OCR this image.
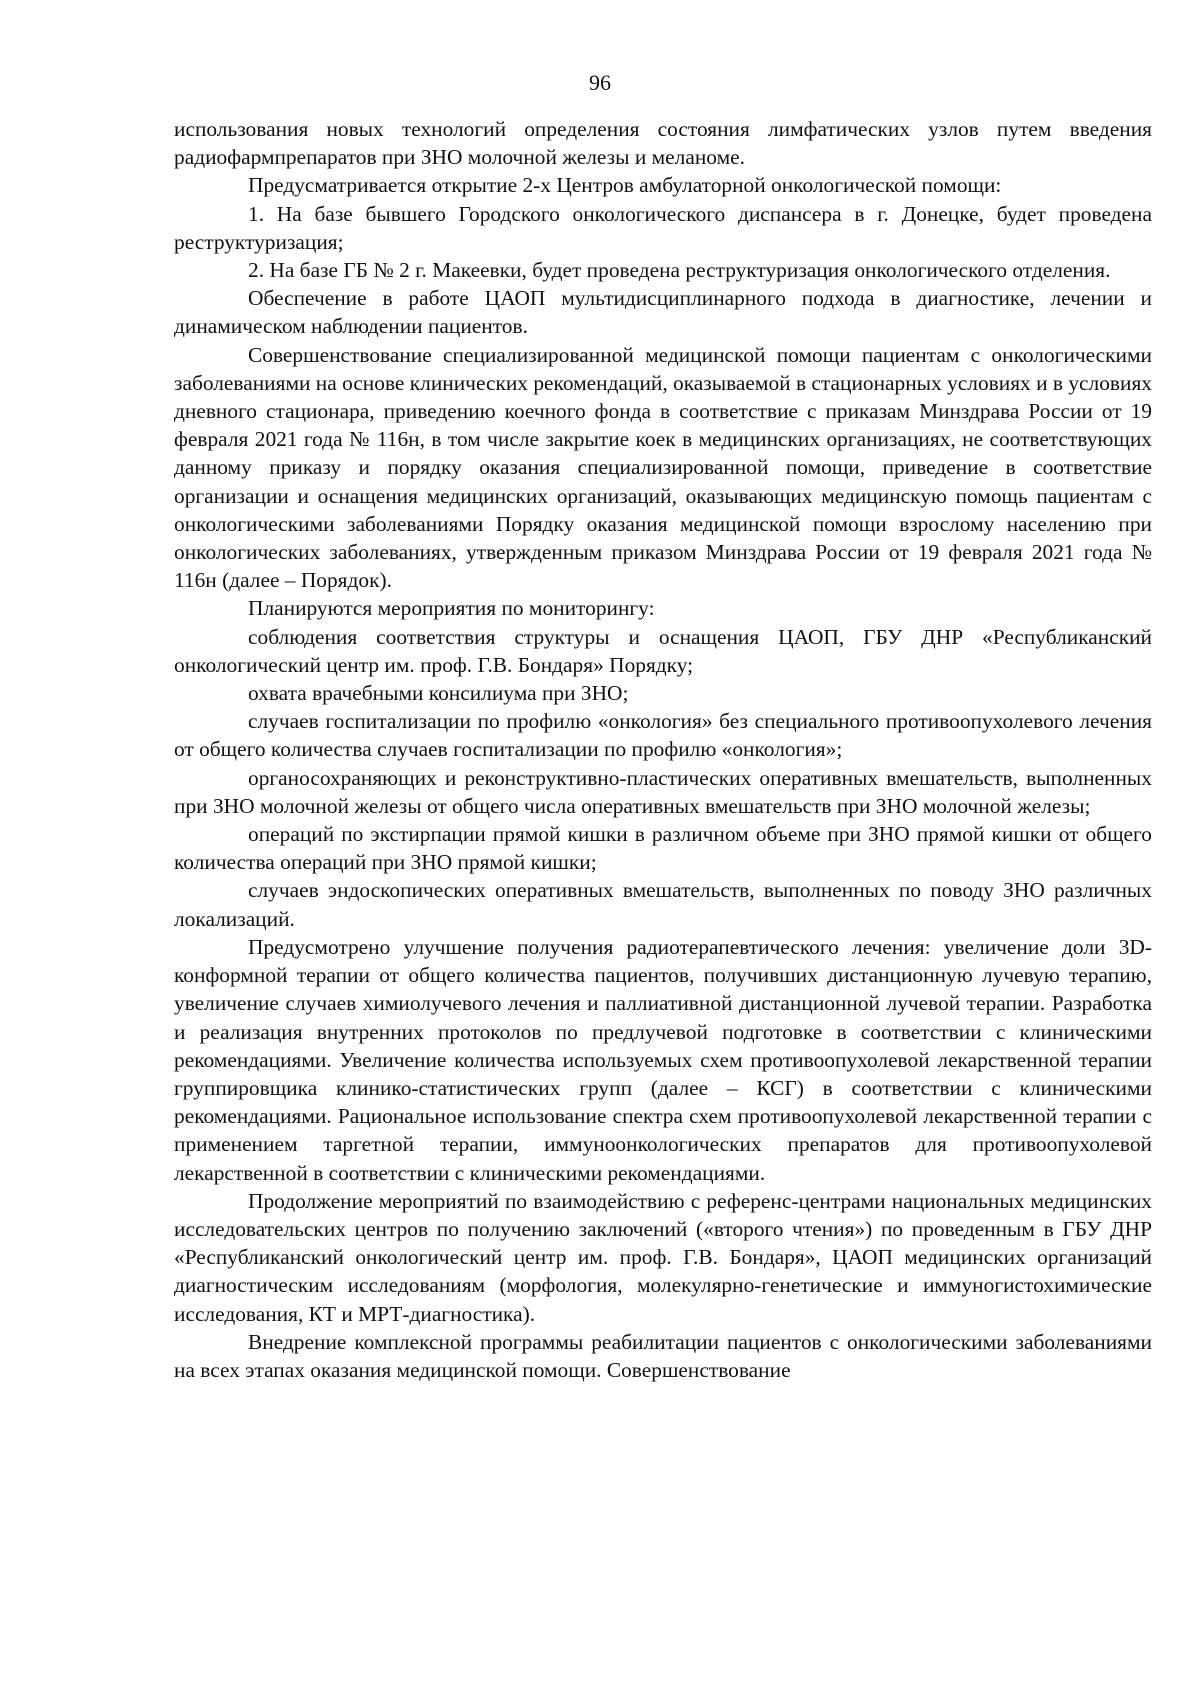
96

использования новых технологий определения состояния лимфатических узлов путем введения радиофармпрепаратов при ЗНО молочной железы и меланоме.

Предусматривается открытие 2-х Центров амбулаторной онкологической помощи:

1. На базе бывшего Городского онкологического диспансера в г. Донецке, будет проведена реструктуризация;

2. На базе ГБ № 2 г. Макеевки, будет проведена реструктуризация онкологического отделения.

Обеспечение в работе ЦАОП мультидисциплинарного подхода в диагностике, лечении и динамическом наблюдении пациентов.

Совершенствование специализированной медицинской помощи пациентам с онкологическими заболеваниями на основе клинических рекомендаций, оказываемой в стационарных условиях и в условиях дневного стационара, приведению коечного фонда в соответствие с приказам Минздрава России от 19 февраля 2021 года № 116н, в том числе закрытие коек в медицинских организациях, не соответствующих данному приказу и порядку оказания специализированной помощи, приведение в соответствие организации и оснащения медицинских организаций, оказывающих медицинскую помощь пациентам с онкологическими заболеваниями Порядку оказания медицинской помощи взрослому населению при онкологических заболеваниях, утвержденным приказом Минздрава России от 19 февраля 2021 года № 116н (далее – Порядок).

Планируются мероприятия по мониторингу:

соблюдения соответствия структуры и оснащения ЦАОП, ГБУ ДНР «Республиканский онкологический центр им. проф. Г.В. Бондаря» Порядку;

охвата врачебными консилиума при ЗНО;

случаев госпитализации по профилю «онкология» без специального противоопухолевого лечения от общего количества случаев госпитализации по профилю «онкология»;

органосохраняющих и реконструктивно-пластических оперативных вмешательств, выполненных при ЗНО молочной железы от общего числа оперативных вмешательств при ЗНО молочной железы;

операций по экстирпации прямой кишки в различном объеме при ЗНО прямой кишки от общего количества операций при ЗНО прямой кишки;

случаев эндоскопических оперативных вмешательств, выполненных по поводу ЗНО различных локализаций.

Предусмотрено улучшение получения радиотерапевтического лечения: увеличение доли 3D-конформной терапии от общего количества пациентов, получивших дистанционную лучевую терапию, увеличение случаев химиолучевого лечения и паллиативной дистанционной лучевой терапии. Разработка и реализация внутренних протоколов по предлучевой подготовке в соответствии с клиническими рекомендациями. Увеличение количества используемых схем противоопухолевой лекарственной терапии группировщика клинико-статистических групп (далее – КСГ) в соответствии с клиническими рекомендациями. Рациональное использование спектра схем противоопухолевой лекарственной терапии с применением таргетной терапии, иммуноонкологических препаратов для противоопухолевой лекарственной в соответствии с клиническими рекомендациями.

Продолжение мероприятий по взаимодействию с референс-центрами национальных медицинских исследовательских центров по получению заключений («второго чтения») по проведенным в ГБУ ДНР «Республиканский онкологический центр им. проф. Г.В. Бондаря», ЦАОП медицинских организаций диагностическим исследованиям (морфология, молекулярно-генетические и иммуногистохимические исследования, КТ и МРТ-диагностика).

Внедрение комплексной программы реабилитации пациентов с онкологическими заболеваниями на всех этапах оказания медицинской помощи. Совершенствование
